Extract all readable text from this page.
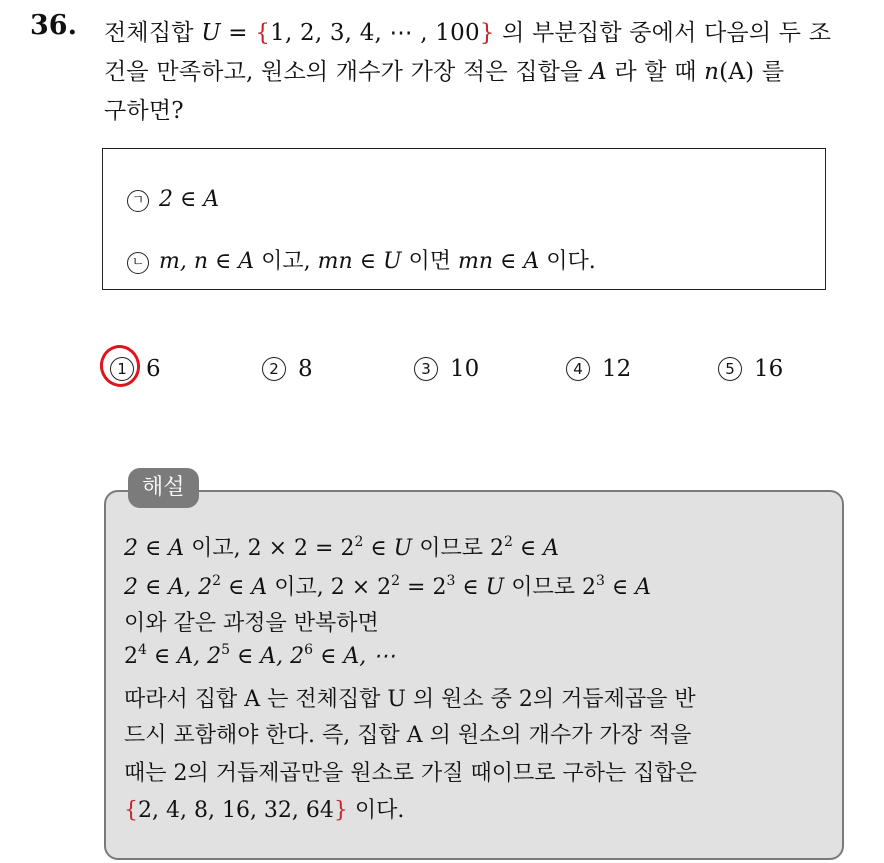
36. 전체집합 U = {1, 2, 3, 4, ⋯ , 100} 의 부분집합 중에서 다음의 두 조
건을 만족하고, 원소의 개수가 가장 적은 집합을 A 라 할 때 n(A) 를
구하면?
ㄱ 2 ∈ A
ㄴ m, n ∈ A 이고, mn ∈ U 이면 mn ∈ A 이다.
1 6	2 8	3 10	4 12	5 16
해설
2 ∈ A 이고, $2 \times 2 = 2^2$ ∈ U 이므로 $2^2$ ∈ A
2 ∈ A, $2^2$ ∈ A 이고, $2 \times 2^2 = 2^3$ ∈ U 이므로 $2^3$ ∈ A
이와 같은 과정을 반복하면
$2^4$ ∈ A, $2^5$ ∈ A, $2^6$ ∈ A, ⋯
따라서 집합 A 는 전체집합 U 의 원소 중 2의 거듭제곱을 반
드시 포함해야 한다. 즉, 집합 A 의 원소의 개수가 가장 적을
때는 2의 거듭제곱만을 원소로 가질 때이므로 구하는 집합은
{2, 4, 8, 16, 32, 64} 이다.
